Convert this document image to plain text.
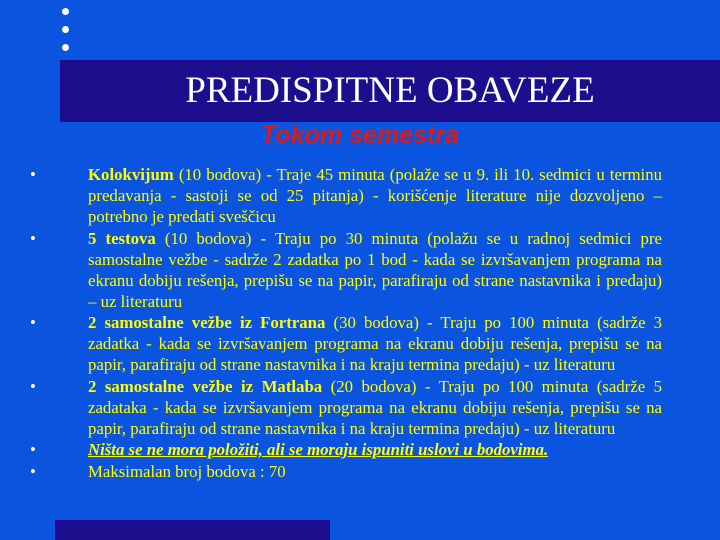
PREDISPITNE OBAVEZE
Tokom semestra
•	Kolokvijum (10 bodova) - Traje 45 minuta (polaže se u 9. ili 10. sedmici u terminu predavanja - sastoji se od 25 pitanja) - korišćenje literature nije dozvoljeno – potrebno je predati sveščicu
•	5 testova (10 bodova) - Traju po 30 minuta (polažu se u radnoj sedmici pre samostalne vežbe - sadrže 2 zadatka po 1 bod - kada se izvršavanjem programa na ekranu dobiju rešenja, prepišu se na papir, parafiraju od strane nastavnika i predaju) – uz literaturu
•	2 samostalne vežbe iz Fortrana (30 bodova) - Traju po 100 minuta (sadrže 3 zadatka - kada se izvršavanjem programa na ekranu dobiju rešenja, prepišu se na papir, parafiraju od strane nastavnika i na kraju termina predaju) - uz literaturu
•	2 samostalne vežbe iz Matlaba (20 bodova) - Traju po 100 minuta (sadrže 5 zadataka - kada se izvršavanjem programa na ekranu dobiju rešenja, prepišu se na papir, parafiraju od strane nastavnika i na kraju termina predaju) - uz literaturu
•	Ništa se ne mora položiti, ali se moraju ispuniti uslovi u bodovima.
•	Maksimalan broj bodova : 70
